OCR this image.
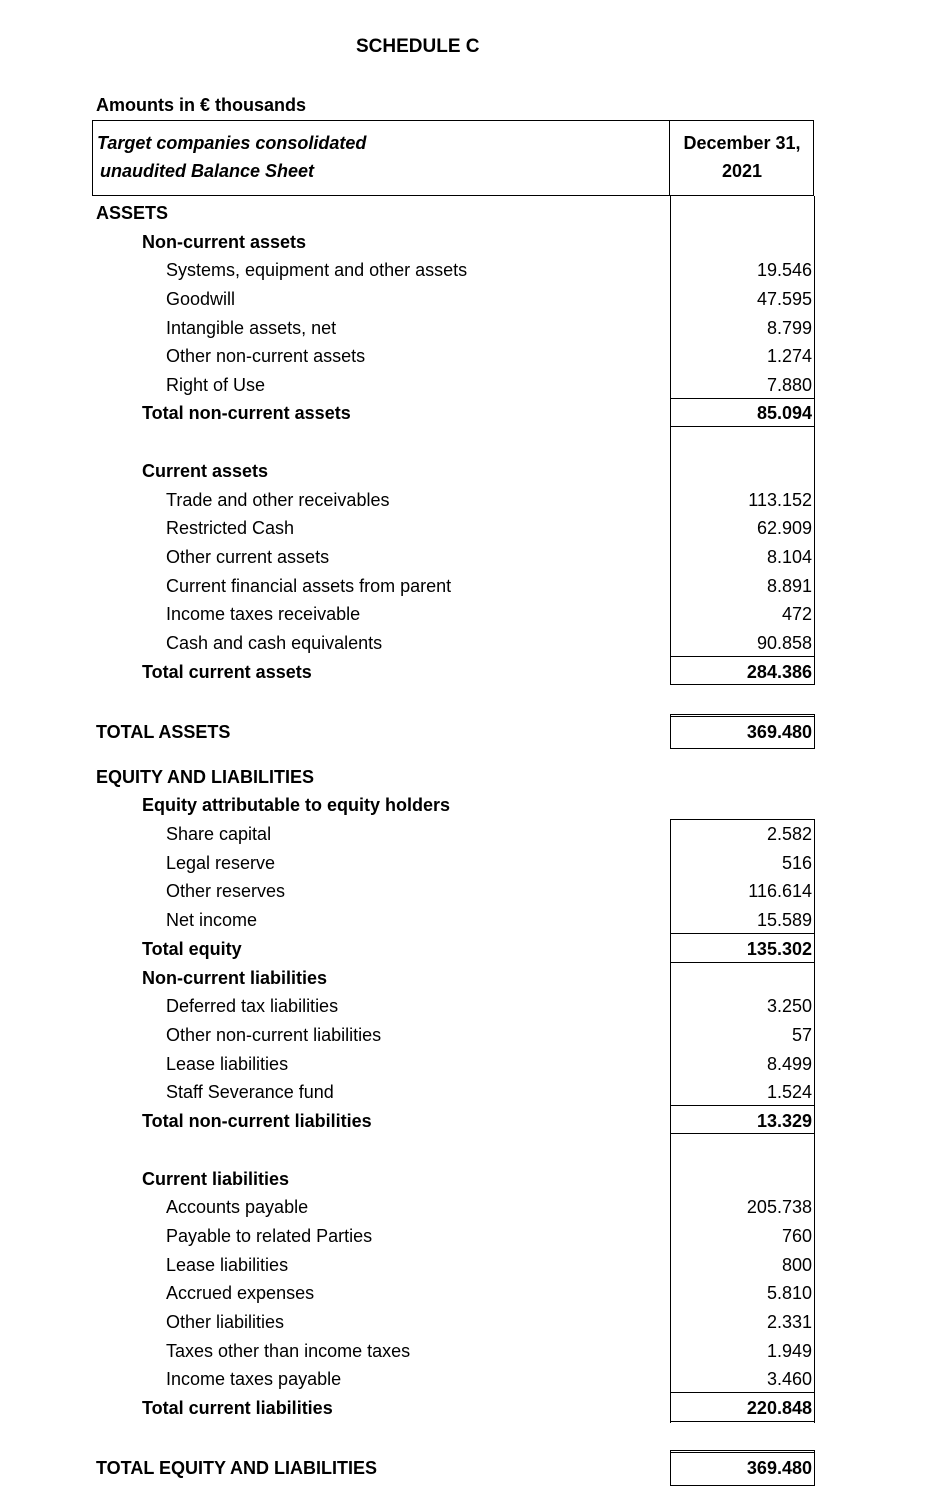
SCHEDULE C
Amounts in € thousands
Target companies consolidated
unaudited Balance Sheet
December 31,
2021
ASSETS
Non-current assets
Systems, equipment and other assets	19.546
Goodwill	47.595
Intangible assets, net	8.799
Other non-current assets	1.274
Right of Use	7.880
Total non-current assets	85.094
Current assets
Trade and other receivables	113.152
Restricted Cash	62.909
Other current assets	8.104
Current financial assets from parent	8.891
Income taxes receivable	472
Cash and cash equivalents	90.858
Total current assets	284.386
TOTAL ASSETS	369.480
EQUITY AND LIABILITIES
Equity attributable to equity holders
Share capital	2.582
Legal reserve	516
Other reserves	116.614
Net income	15.589
Total equity	135.302
Non-current liabilities
Deferred tax liabilities	3.250
Other non-current liabilities	57
Lease liabilities	8.499
Staff Severance fund	1.524
Total non-current liabilities	13.329
Current liabilities
Accounts payable	205.738
Payable to related Parties	760
Lease liabilities	800
Accrued expenses	5.810
Other liabilities	2.331
Taxes other than income taxes	1.949
Income taxes payable	3.460
Total current liabilities	220.848
TOTAL EQUITY AND LIABILITIES	369.480
